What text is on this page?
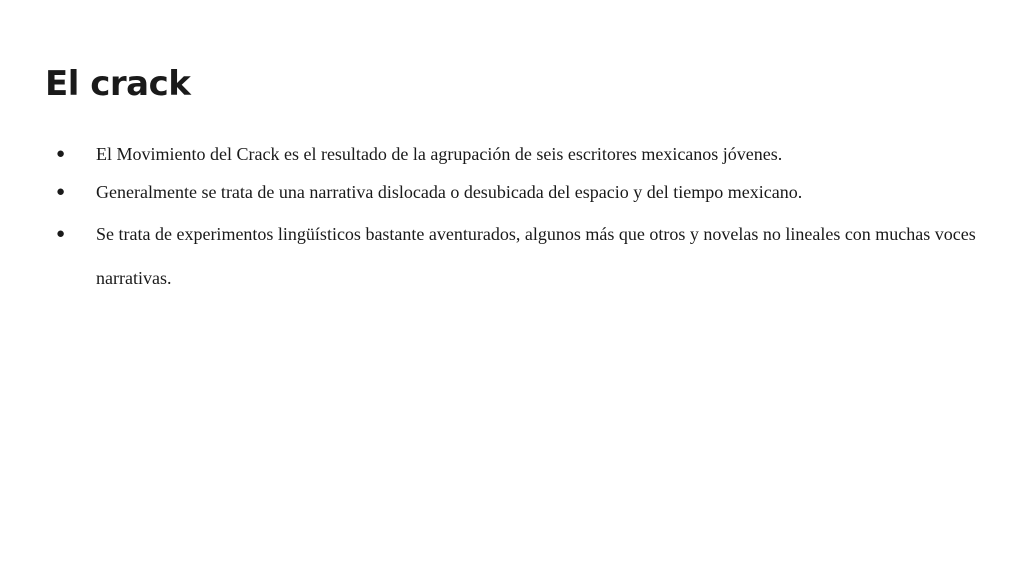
El crack
●	El Movimiento del Crack es el resultado de la agrupación de seis escritores mexicanos jóvenes.
●	Generalmente se trata de una narrativa dislocada o desubicada del espacio y del tiempo mexicano.
●	Se trata de experimentos lingüísticos bastante aventurados, algunos más que otros y novelas no lineales con muchas voces narrativas.
